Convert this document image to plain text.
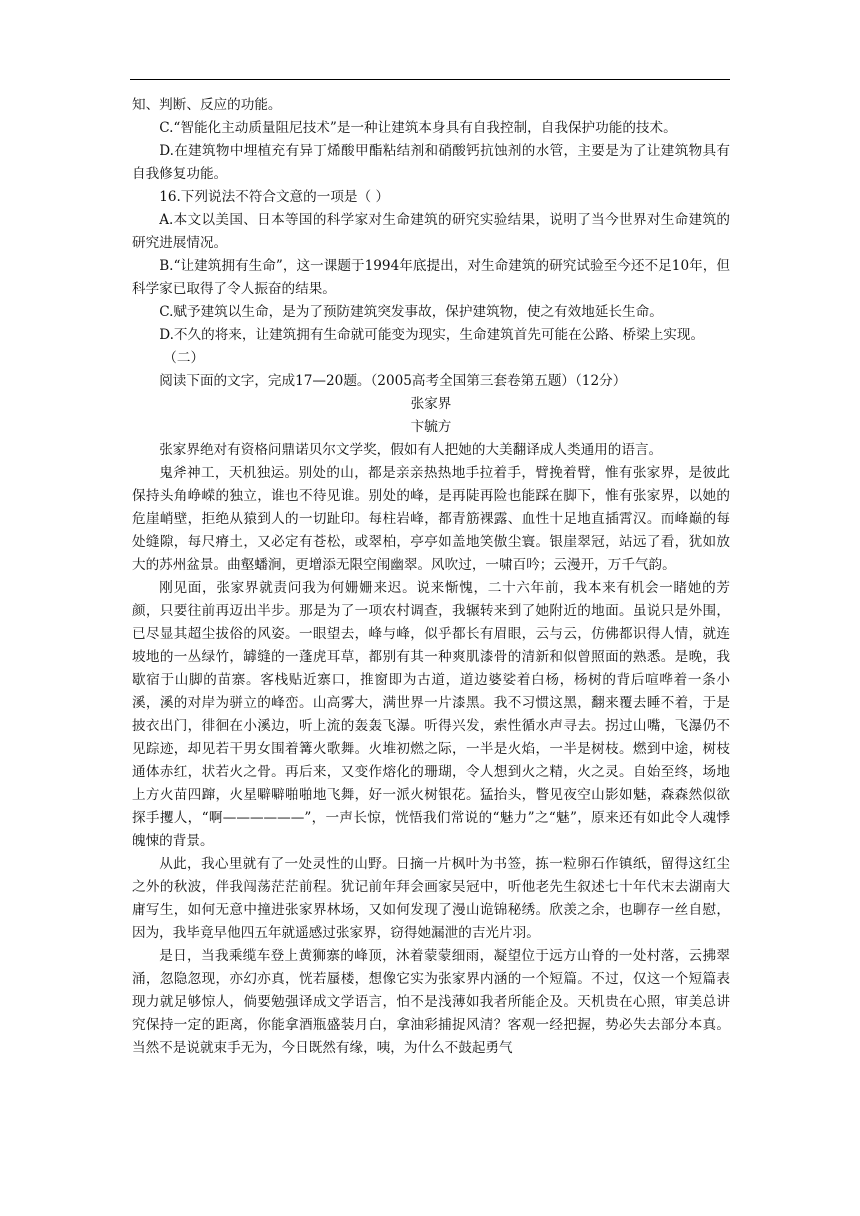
知、判断、反应的功能。

C.“智能化主动质量阻尼技术”是一种让建筑本身具有自我控制，自我保护功能的技术。

D.在建筑物中埋植充有异丁烯酸甲酯粘结剂和硝酸钙抗蚀剂的水管，主要是为了让建筑物具有自我修复功能。

16.下列说法不符合文意的一项是（ ）

A.本文以美国、日本等国的科学家对生命建筑的研究实验结果，说明了当今世界对生命建筑的研究进展情况。

B.“让建筑拥有生命”，这一课题于1994年底提出，对生命建筑的研究试验至今还不足10年，但科学家已取得了令人振奋的结果。

C.赋予建筑以生命，是为了预防建筑突发事故，保护建筑物，使之有效地延长生命。

D.不久的将来，让建筑拥有生命就可能变为现实，生命建筑首先可能在公路、桥梁上实现。

（二）

阅读下面的文字，完成17—20题。（2005高考全国第三套卷第五题）（12分）

张家界

卞毓方

张家界绝对有资格问鼎诺贝尔文学奖，假如有人把她的大美翻译成人类通用的语言。

鬼斧神工，天机独运。别处的山，都是亲亲热热地手拉着手，臂挽着臂，惟有张家界，是彼此保持头角峥嵘的独立，谁也不待见谁。别处的峰，是再陡再险也能踩在脚下，惟有张家界，以她的危崖峭壁，拒绝从猿到人的一切趾印。每柱岩峰，都青筋裸露、血性十足地直插霄汉。而峰巅的每处缝隙，每尺瘠土，又必定有苍松，或翠柏，亭亭如盖地笑傲尘寰。银崖翠冠，站远了看，犹如放大的苏州盆景。曲壑蟠涧，更增添无限空闱幽翠。风吹过，一啸百吟；云漫开，万千气韵。

刚见面，张家界就责问我为何姗姗来迟。说来惭愧，二十六年前，我本来有机会一睹她的芳颜，只要往前再迈出半步。那是为了一项农村调查，我辗转来到了她附近的地面。虽说只是外围，已尽显其超尘拔俗的风姿。一眼望去，峰与峰，似乎都长有眉眼，云与云，仿佛都识得人情，就连坡地的一丛绿竹，罅缝的一蓬虎耳草，都别有其一种爽肌漆骨的清新和似曾照面的熟悉。是晚，我歇宿于山脚的苗寨。客栈贴近寨口，推窗即为古道，道边婆娑着白杨，杨树的背后喧哗着一条小溪，溪的对岸为骈立的峰峦。山高雾大，满世界一片漆黑。我不习惯这黑，翻来覆去睡不着，于是披衣出门，徘徊在小溪边，听上流的轰轰飞瀑。听得兴发，索性循水声寻去。拐过山嘴，飞瀑仍不见踪迹，却见若干男女围着篝火歌舞。火堆初燃之际，一半是火焰，一半是树枝。燃到中途，树枝通体赤红，状若火之骨。再后来，又变作熔化的珊瑚，令人想到火之精，火之灵。自始至终，场地上方火苗四蹿，火星噼噼啪啪地飞舞，好一派火树银花。猛抬头，瞥见夜空山影如魅，森森然似欲探手攫人，“啊——————”，一声长惊，恍悟我们常说的“魅力”之“魅”，原来还有如此令人魂悸魄悚的背景。

从此，我心里就有了一处灵性的山野。日摘一片枫叶为书签，拣一粒卵石作镇纸，留得这红尘之外的秋波，伴我闯荡茫茫前程。犹记前年拜会画家吴冠中，听他老先生叙述七十年代末去湖南大庸写生，如何无意中撞进张家界林场，又如何发现了漫山诡锦秘绣。欣羡之余，也聊存一丝自慰，因为，我毕竟早他四五年就遥感过张家界，窃得她漏泄的吉光片羽。

是日，当我乘缆车登上黄狮寨的峰顶，沐着蒙蒙细雨，凝望位于远方山脊的一处村落，云拂翠涌，忽隐忽现，亦幻亦真，恍若蜃楼，想像它实为张家界内涵的一个短篇。不过，仅这一个短篇表现力就足够惊人，倘要勉强译成文学语言，怕不是浅薄如我者所能企及。天机贵在心照，审美总讲究保持一定的距离，你能拿酒瓶盛装月白，拿油彩捕捉风清？客观一经把握，势必失去部分本真。当然不是说就束手无为，今日既然有缘，咦，为什么不鼓起勇气
